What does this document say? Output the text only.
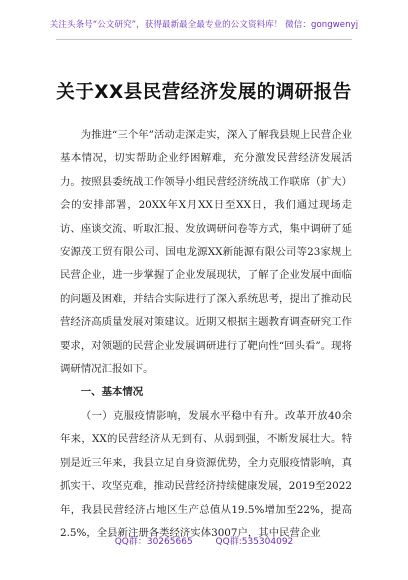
关注头条号“公文研究”，获得最新最全最专业的公文资料库！ 微信：gongwenyj
关于XX县民营经济发展的调研报告

为推进“三个年”活动走深走实，深入了解我县规上民营企业基本情况，切实帮助企业纾困解难，充分激发民营经济发展活力。按照县委统战工作领导小组民营经济统战工作联席（扩大）会的安排部署，20XX年X月XX日至XX日，我们通过现场走访、座谈交流、听取汇报、发放调研问卷等方式，集中调研了延安源茂工贸有限公司、国电龙源XX新能源有限公司等23家规上民营企业，进一步掌握了企业发展现状，了解了企业发展中面临的问题及困难，并结合实际进行了深入系统思考，提出了推动民营经济高质量发展对策建议。近期又根据主题教育调查研究工作要求，对领题的民营企业发展调研进行了靶向性“回头看”。现将调研情况汇报如下。

一、基本情况

（一）克服疫情影响，发展水平稳中有升。改革开放40余年来，XX的民营经济从无到有、从弱到强，不断发展壮大。特别是近三年来，我县立足自身资源优势，全力克服疫情影响，真抓实干、攻坚克难，推动民营经济持续健康发展，2019至2022年，我县民营经济占地区生产总值从19.5%增加至22%，提高2.5%，全县新注册各类经济实体3007户，其中民营企业

QQ群：30265665	QQ群:535304092
